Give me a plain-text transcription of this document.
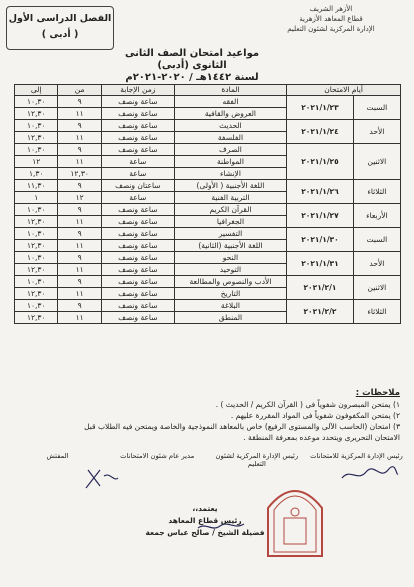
الأزهر الشريف
قطاع المعاهد الأزهرية
الإدارة المركزية لشئون التعليم
الفصل الدراسى الأول
( أدبى )
مواعيد امتحان الصف الثانى الثانوى (أدبى)
لسنة ١٤٤٢هـ / ٢٠٢٠-٢٠٢١م
أيام الامتحان		المادة	زمن الإجابة	من	إلى
السبت	٢٠٢١/١/٢٣	الفقه	ساعة ونصف	٩	١٠,٣٠
		العروض والقافية	ساعة ونصف	١١	١٢,٣٠
الأحد	٢٠٢١/١/٢٤	الحديث	ساعة ونصف	٩	١٠,٣٠
		الفلسفة	ساعة ونصف	١١	١٢,٣٠
الاثنين	٢٠٢١/١/٢٥	الصرف	ساعة ونصف	٩	١٠,٣٠
		المواطنة	ساعة	١١	١٢
		الإنشاء	ساعة	١٢,٣٠	١,٣٠
الثلاثاء	٢٠٢١/١/٢٦	اللغة الأجنبية ( الأولى)	ساعتان ونصف	٩	١١,٣٠
		التربية الفنية	ساعة	١٢	١
الأربعاء	٢٠٢١/١/٢٧	القرآن الكريم	ساعة ونصف	٩	١٠,٣٠
		الجغرافيا	ساعة ونصف	١١	١٢,٣٠
السبت	٢٠٢١/١/٣٠	التفسير	ساعة ونصف	٩	١٠,٣٠
		اللغة الأجنبية (الثانية)	ساعة ونصف	١١	١٢,٣٠
الأحد	٢٠٢١/١/٣١	النحو	ساعة ونصف	٩	١٠,٣٠
		التوحيد	ساعة ونصف	١١	١٢,٣٠
الاثنين	٢٠٢١/٢/١	الأدب والنصوص والمطالعة	ساعة ونصف	٩	١٠,٣٠
		التاريخ	ساعة ونصف	١١	١٢,٣٠
الثلاثاء	٢٠٢١/٢/٢	البلاغة	ساعة ونصف	٩	١٠,٣٠
		المنطق	ساعة ونصف	١١	١٢,٣٠
ملاحظات :
١) يمتحن المبصرون شفوياً فى ( القرآن الكريم / الحديث ) .
٢) يمتحن المكفوفون شفوياً فى المواد المقررة عليهم .
٣) امتحان (الحاسب الآلى والمستوى الرفيع) خاص بالمعاهد النموذجية والخاصة ويمتحن فيه الطلاب قبل
الامتحان التحريرى ويتحدد موعده بمعرفة المنطقة .
المفتش	مدير عام شئون الامتحانات	رئيس الإدارة المركزية لشئون التعليم
رئيس الإدارة المركزية للامتحانات
يعتمد،،
رئيس قطاع المعاهد
فضيلة الشيخ / صالح عباس جمعة
